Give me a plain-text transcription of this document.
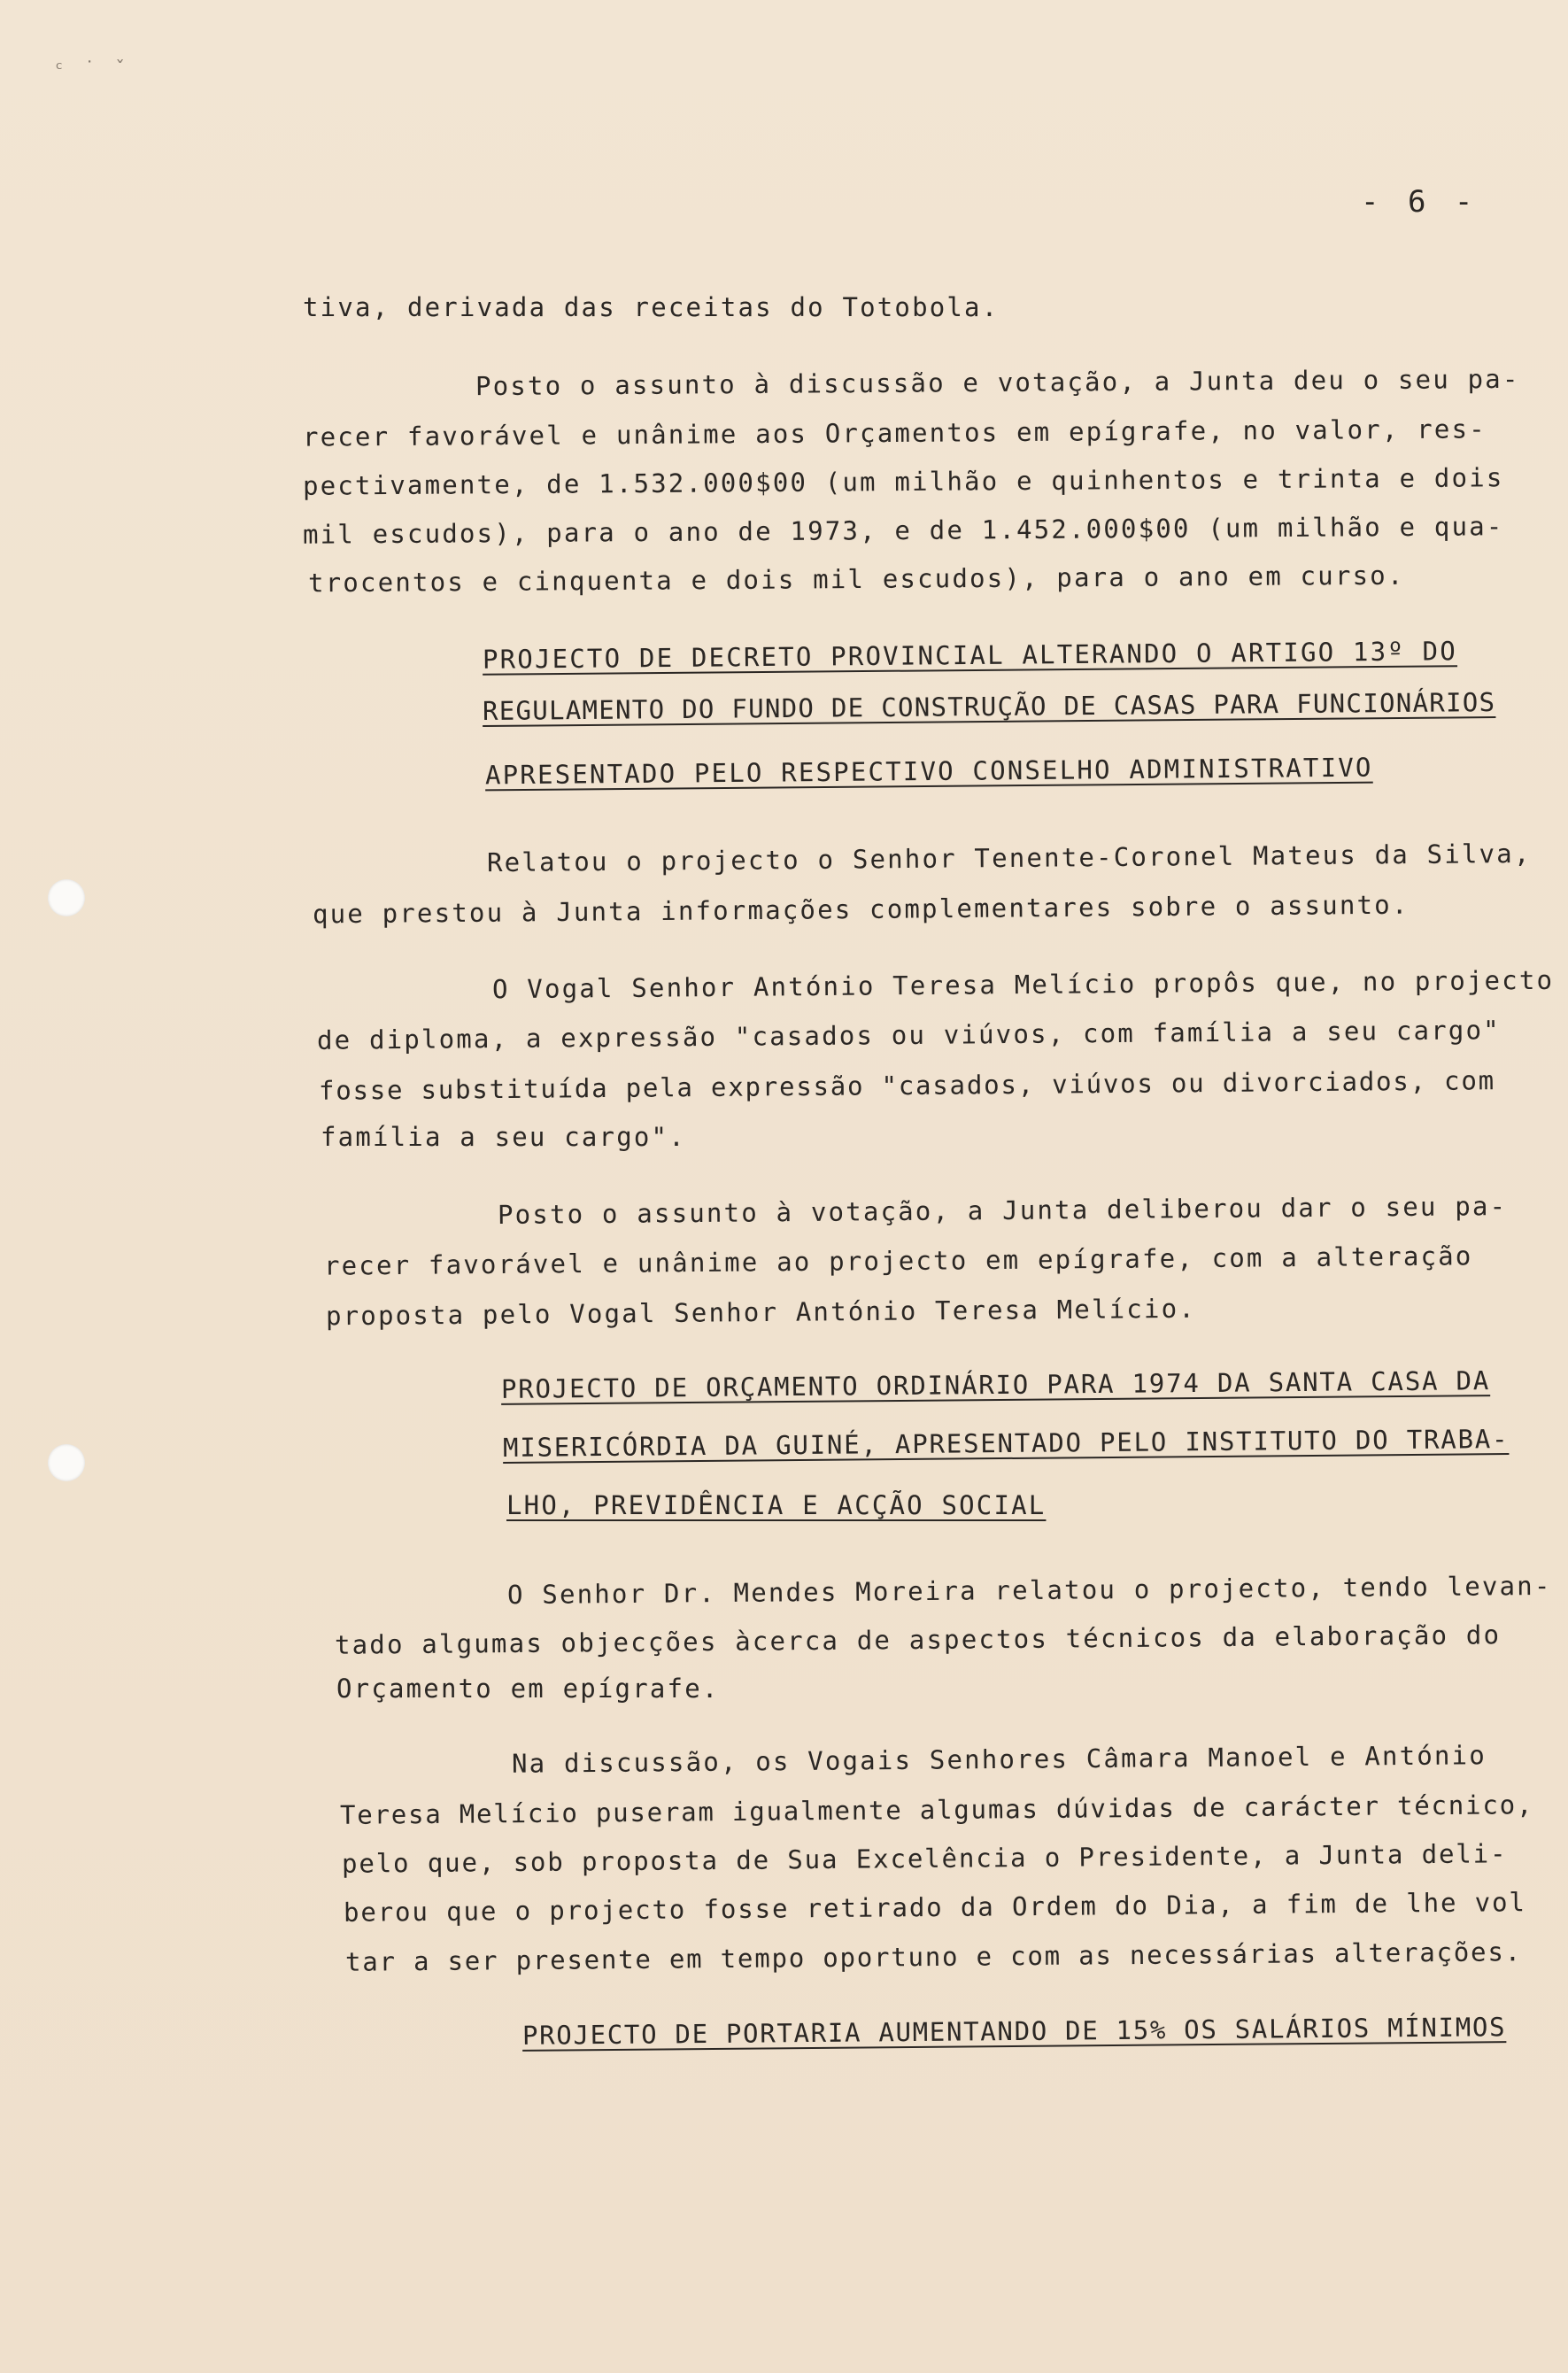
ᶜ ˙ ˇ
- 6 -
tiva, derivada das receitas do Totobola.
Posto o assunto à discussão e votação, a Junta deu o seu pa-
recer favorável e unânime aos Orçamentos em epígrafe, no valor, res-
pectivamente, de 1.532.000$00 (um milhão e quinhentos e trinta e dois
mil escudos), para o ano de 1973, e de 1.452.000$00 (um milhão e qua-
trocentos e cinquenta e dois mil escudos), para o ano em curso.
PROJECTO DE DECRETO PROVINCIAL ALTERANDO O ARTIGO 13º DO
REGULAMENTO DO FUNDO DE CONSTRUÇÃO DE CASAS PARA FUNCIONÁRIOS
APRESENTADO PELO RESPECTIVO CONSELHO ADMINISTRATIVO
Relatou o projecto o Senhor Tenente-Coronel Mateus da Silva,
que prestou à Junta informações complementares sobre o assunto.
O Vogal Senhor António Teresa Melício propôs que, no projecto
de diploma, a expressão "casados ou viúvos, com família a seu cargo"
fosse substituída pela expressão "casados, viúvos ou divorciados, com
família a seu cargo".
Posto o assunto à votação, a Junta deliberou dar o seu pa-
recer favorável e unânime ao projecto em epígrafe, com a alteração
proposta pelo Vogal Senhor António Teresa Melício.
PROJECTO DE ORÇAMENTO ORDINÁRIO PARA 1974 DA SANTA CASA DA
MISERICÓRDIA DA GUINÉ, APRESENTADO PELO INSTITUTO DO TRABA-
LHO, PREVIDÊNCIA E ACÇÃO SOCIAL
O Senhor Dr. Mendes Moreira relatou o projecto, tendo levan-
tado algumas objecções àcerca de aspectos técnicos da elaboração do
Orçamento em epígrafe.
Na discussão, os Vogais Senhores Câmara Manoel e António
Teresa Melício puseram igualmente algumas dúvidas de carácter técnico,
pelo que, sob proposta de Sua Excelência o Presidente, a Junta deli-
berou que o projecto fosse retirado da Ordem do Dia, a fim de lhe vol
tar a ser presente em tempo oportuno e com as necessárias alterações.
PROJECTO DE PORTARIA AUMENTANDO DE 15% OS SALÁRIOS MÍNIMOS
